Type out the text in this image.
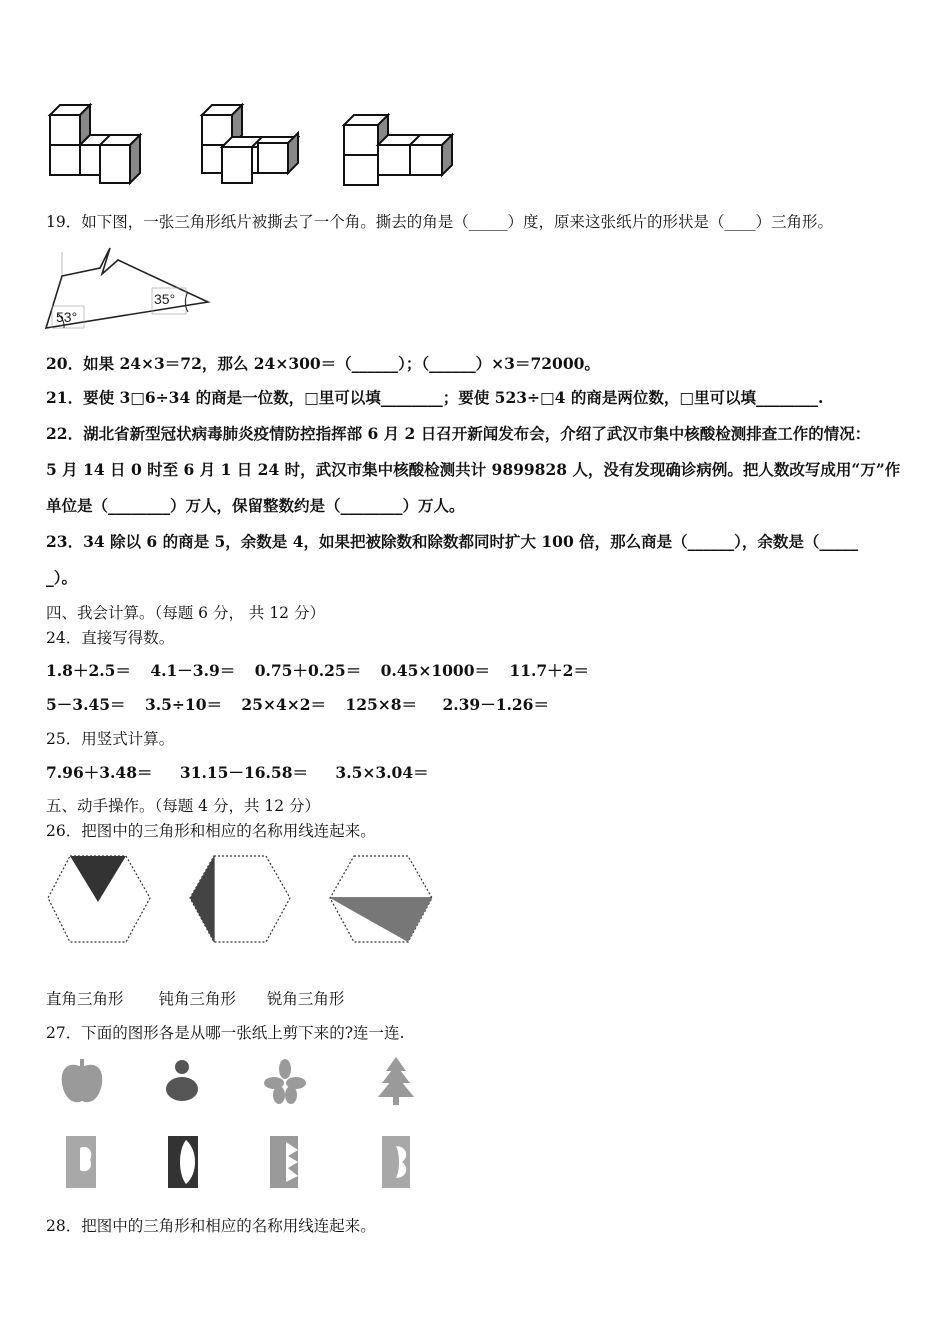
19．如下图，一张三角形纸片被撕去了一个角。撕去的角是（_____）度，原来这张纸片的形状是（____）三角形。
53°
35°
20．如果 24×3＝72，那么 24×300＝（______）；（______）×3＝72000。
21．要使 3□6÷34 的商是一位数，□里可以填________；要使 523÷□4 的商是两位数，□里可以填________.
22．湖北省新型冠状病毒肺炎疫情防控指挥部 6 月 2 日召开新闻发布会，介绍了武汉市集中核酸检测排查工作的情况：
5 月 14 日 0 时至 6 月 1 日 24 时，武汉市集中核酸检测共计 9899828 人，没有发现确诊病例。把人数改写成用“万”作
单位是（________）万人，保留整数约是（________）万人。
23．34 除以 6 的商是 5，余数是 4，如果把被除数和除数都同时扩大 100 倍，那么商是（______），余数是（_____
_）。
四、我会计算。（每题 6 分， 共 12 分）
24．直接写得数。
1.8＋2.5＝ 4.1－3.9＝ 0.75＋0.25＝ 0.45×1000＝ 11.7＋2＝
5－3.45＝ 3.5÷10＝ 25×4×2＝ 125×8＝ 2.39－1.26＝
25．用竖式计算。
7.96＋3.48＝ 31.15－16.58＝ 3.5×3.04＝
五、动手操作。（每题 4 分，共 12 分）
26．把图中的三角形和相应的名称用线连起来。
直角三角形 钝角三角形 锐角三角形
27．下面的图形各是从哪一张纸上剪下来的?连一连.
28．把图中的三角形和相应的名称用线连起来。
